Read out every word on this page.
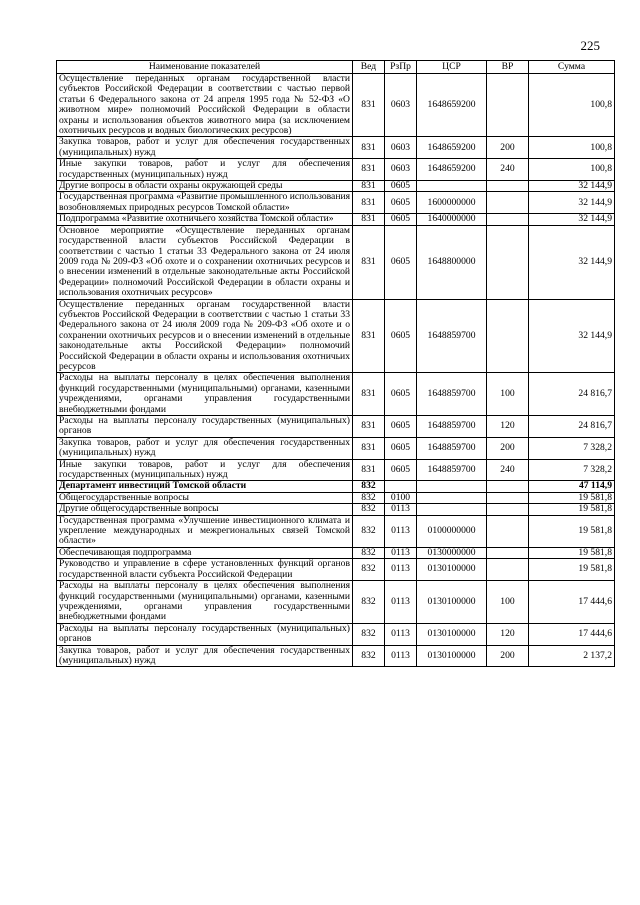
225
Наименование показателей	Вед	РзПр	ЦСР	ВР	Сумма
Осуществление переданных органам государственной власти субъектов Российской Федерации в соответствии с частью первой статьи 6 Федерального закона от 24 апреля 1995 года № 52-ФЗ «О животном мире» полномочий Российской Федерации в области охраны и использования объектов животного мира (за исключением охотничьих ресурсов и водных биологических ресурсов)	831	0603	1648659200		100,8
Закупка товаров, работ и услуг для обеспечения государственных (муниципальных) нужд	831	0603	1648659200	200	100,8
Иные закупки товаров, работ и услуг для обеспечения государственных (муниципальных) нужд	831	0603	1648659200	240	100,8
Другие вопросы в области охраны окружающей среды	831	0605			32 144,9
Государственная программа «Развитие промышленного использования возобновляемых природных ресурсов Томской области»	831	0605	1600000000		32 144,9
Подпрограмма «Развитие охотничьего хозяйства Томской области»	831	0605	1640000000		32 144,9
Основное мероприятие «Осуществление переданных органам государственной власти субъектов Российской Федерации в соответствии с частью 1 статьи 33 Федерального закона от 24 июля 2009 года № 209-ФЗ «Об охоте и о сохранении охотничьих ресурсов и о внесении изменений в отдельные законодательные акты Российской Федерации» полномочий Российской Федерации в области охраны и использования охотничьих ресурсов»	831	0605	1648800000		32 144,9
Осуществление переданных органам государственной власти субъектов Российской Федерации в соответствии с частью 1 статьи 33 Федерального закона от 24 июля 2009 года № 209-ФЗ «Об охоте и о сохранении охотничьих ресурсов и о внесении изменений в отдельные законодательные акты Российской Федерации» полномочий Российской Федерации в области охраны и использования охотничьих ресурсов	831	0605	1648859700		32 144,9
Расходы на выплаты персоналу в целях обеспечения выполнения функций государственными (муниципальными) органами, казенными учреждениями, органами управления государственными внебюджетными фондами	831	0605	1648859700	100	24 816,7
Расходы на выплаты персоналу государственных (муниципальных) органов	831	0605	1648859700	120	24 816,7
Закупка товаров, работ и услуг для обеспечения государственных (муниципальных) нужд	831	0605	1648859700	200	7 328,2
Иные закупки товаров, работ и услуг для обеспечения государственных (муниципальных) нужд	831	0605	1648859700	240	7 328,2
Департамент инвестиций Томской области	832				47 114,9
Общегосударственные вопросы	832	0100			19 581,8
Другие общегосударственные вопросы	832	0113			19 581,8
Государственная программа «Улучшение инвестиционного климата и укрепление международных и межрегиональных связей Томской области»	832	0113	0100000000		19 581,8
Обеспечивающая подпрограмма	832	0113	0130000000		19 581,8
Руководство и управление в сфере установленных функций органов государственной власти субъекта Российской Федерации	832	0113	0130100000		19 581,8
Расходы на выплаты персоналу в целях обеспечения выполнения функций государственными (муниципальными) органами, казенными учреждениями, органами управления государственными внебюджетными фондами	832	0113	0130100000	100	17 444,6
Расходы на выплаты персоналу государственных (муниципальных) органов	832	0113	0130100000	120	17 444,6
Закупка товаров, работ и услуг для обеспечения государственных (муниципальных) нужд	832	0113	0130100000	200	2 137,2
